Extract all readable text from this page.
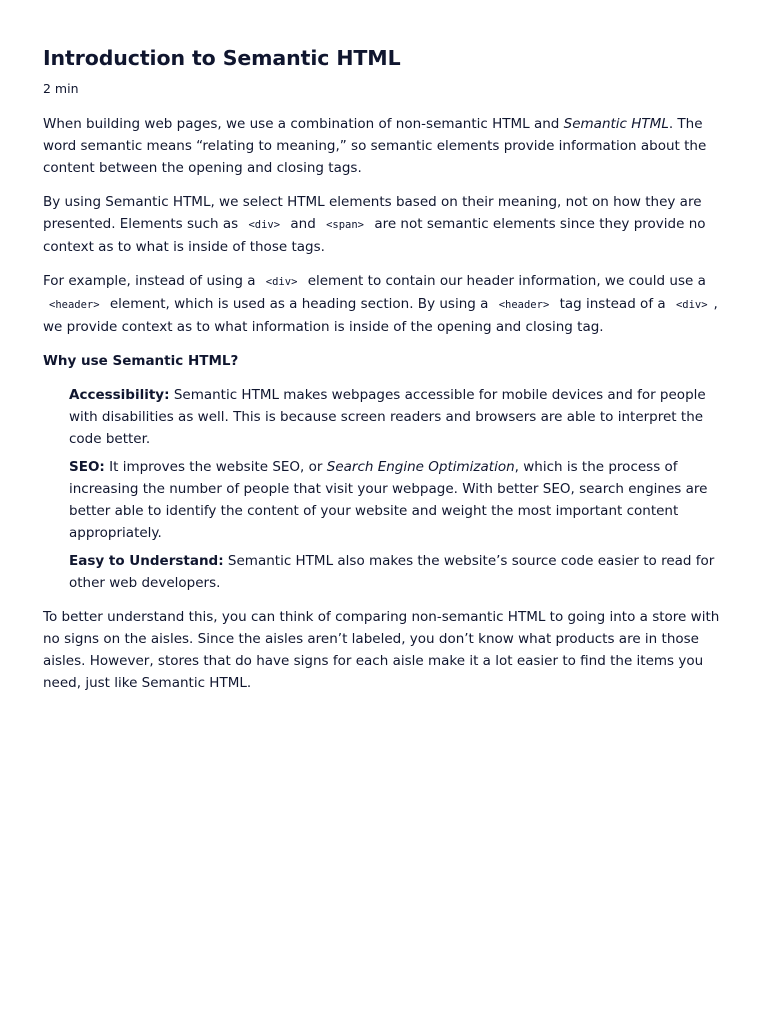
Introduction to Semantic HTML
2 min

When building web pages, we use a combination of non-semantic HTML and Semantic HTML. The word semantic means “relating to meaning,” so semantic elements provide information about the content between the opening and closing tags.

By using Semantic HTML, we select HTML elements based on their meaning, not on how they are presented. Elements such as <div> and <span> are not semantic elements since they provide no context as to what is inside of those tags.

For example, instead of using a <div> element to contain our header information, we could use a <header> element, which is used as a heading section. By using a <header> tag instead of a <div> , we provide context as to what information is inside of the opening and closing tag.

Why use Semantic HTML?

Accessibility: Semantic HTML makes webpages accessible for mobile devices and for people with disabilities as well. This is because screen readers and browsers are able to interpret the code better.
SEO: It improves the website SEO, or Search Engine Optimization, which is the process of increasing the number of people that visit your webpage. With better SEO, search engines are better able to identify the content of your website and weight the most important content appropriately.
Easy to Understand: Semantic HTML also makes the website’s source code easier to read for other web developers.

To better understand this, you can think of comparing non-semantic HTML to going into a store with no signs on the aisles. Since the aisles aren’t labeled, you don’t know what products are in those aisles. However, stores that do have signs for each aisle make it a lot easier to find the items you need, just like Semantic HTML.
